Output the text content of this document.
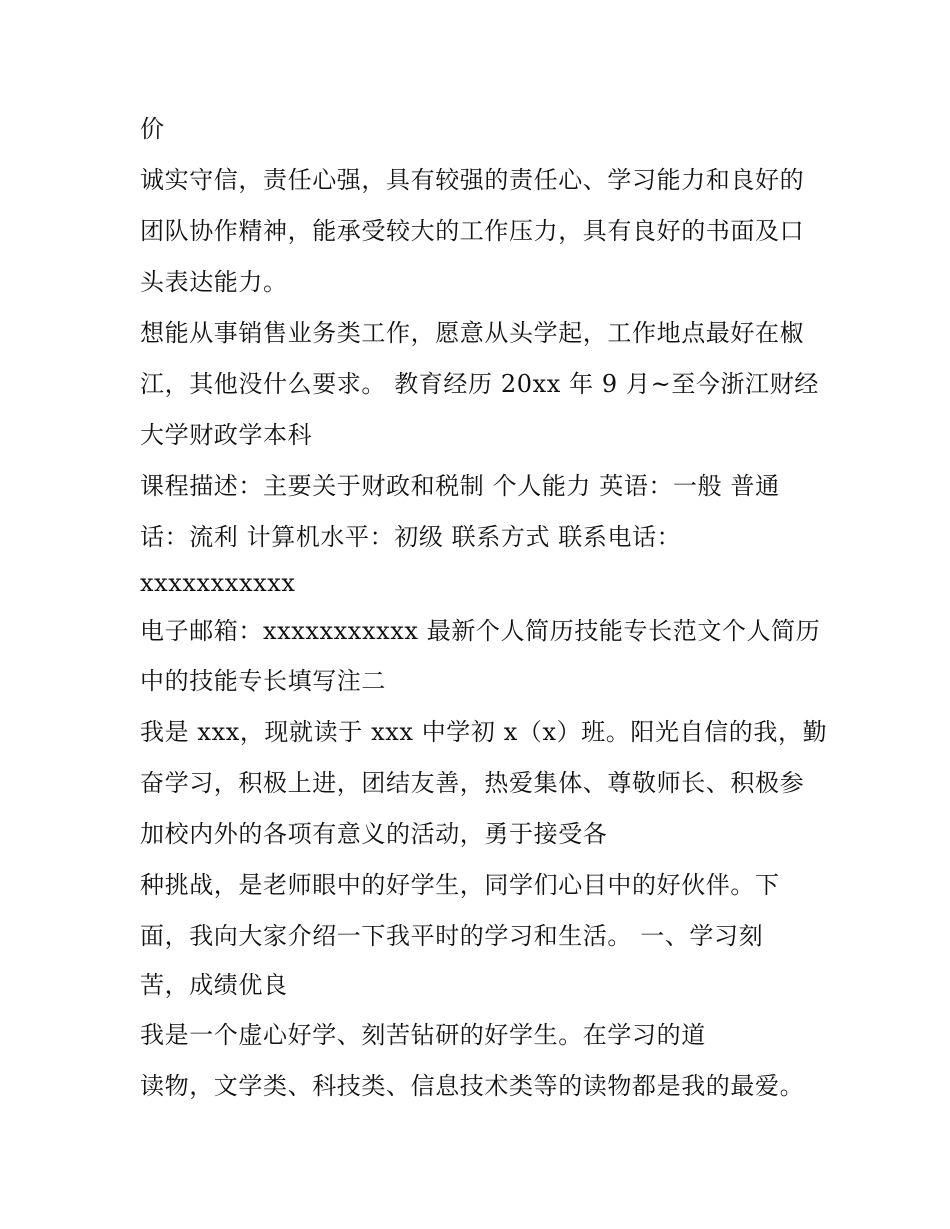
价

诚实守信，责任心强，具有较强的责任心、学习能力和良好的

团队协作精神，能承受较大的工作压力，具有良好的书面及口

头表达能力。

想能从事销售业务类工作，愿意从头学起，工作地点最好在椒

江，其他没什么要求。 教育经历 20xx 年 9 月~至今浙江财经

大学财政学本科

课程描述：主要关于财政和税制 个人能力 英语：一般 普通

话：流利 计算机水平：初级 联系方式 联系电话：

xxxxxxxxxxx

电子邮箱：xxxxxxxxxxx 最新个人简历技能专长范文个人简历

中的技能专长填写注二

我是 xxx，现就读于 xxx 中学初 x（x）班。阳光自信的我，勤

奋学习，积极上进，团结友善，热爱集体、尊敬师长、积极参

加校内外的各项有意义的活动，勇于接受各

种挑战，是老师眼中的好学生，同学们心目中的好伙伴。下

面，我向大家介绍一下我平时的学习和生活。 一、学习刻

苦，成绩优良

我是一个虚心好学、刻苦钻研的好学生。在学习的道

读物，文学类、科技类、信息技术类等的读物都是我的最爱。
